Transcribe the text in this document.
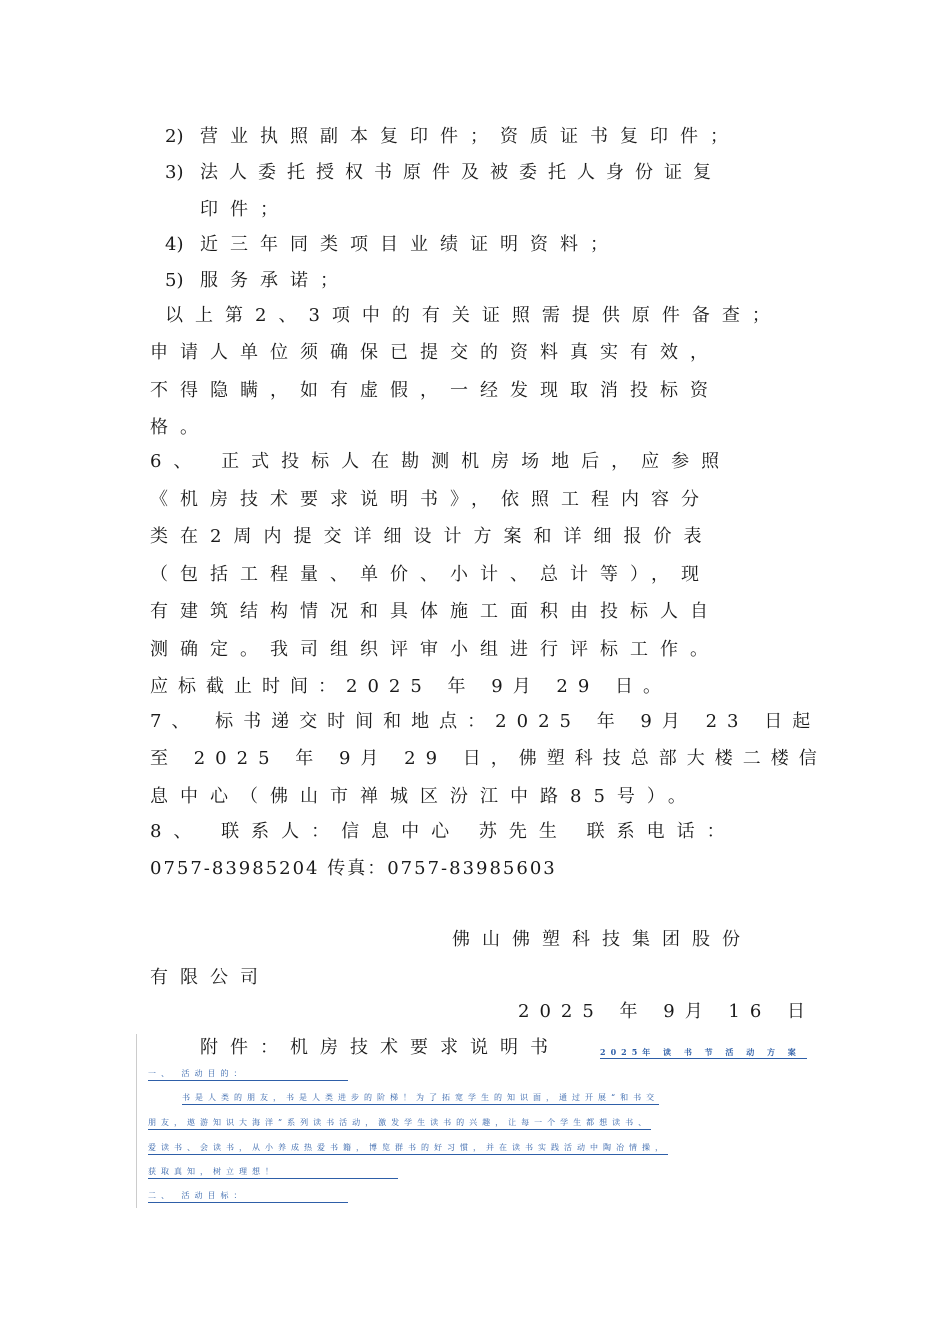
2) 营业执照副本复印件；资质证书复印件；
3) 法人委托授权书原件及被委托人身份证复
印件；
4) 近三年同类项目业绩证明资料；
5) 服务承诺；
以上第2、3项中的有关证照需提供原件备查；
申请人单位须确保已提交的资料真实有效，
不得隐瞒，如有虚假，一经发现取消投标资
格。
6、 正式投标人在勘测机房场地后，应参照
《机房技术要求说明书》，依照工程内容分
类在2周内提交详细设计方案和详细报价表
（包括工程量、单价、小计、总计等），现
有建筑结构情况和具体施工面积由投标人自
测确定。我司组织评审小组进行评标工作。
应标截止时间：2025 年 9月 29 日。
7、 标书递交时间和地点：2025 年 9月 23 日起
至 2025 年 9月 29 日，佛塑科技总部大楼二楼信
息中心（佛山市禅城区汾江中路85号）。
8、 联系人：信息中心 苏先生 联系电话：
0757-83985204 传真：0757-83985603
佛山佛塑科技集团股份
有限公司
2025 年 9月 16 日
附件：机房技术要求说明书	2025年 读 书 节 活 动 方 案
一、 活动目的：
书是人类的朋友，书是人类进步的阶梯！为了拓宽学生的知识面，通过开展“和书交
朋友，遨游知识大海洋”系列读书活动，激发学生读书的兴趣，让每一个学生都想读书、
爱读书、会读书，从小养成热爱书籍，博览群书的好习惯，并在读书实践活动中陶冶情操，
获取真知，树立理想！
二、 活动目标：
